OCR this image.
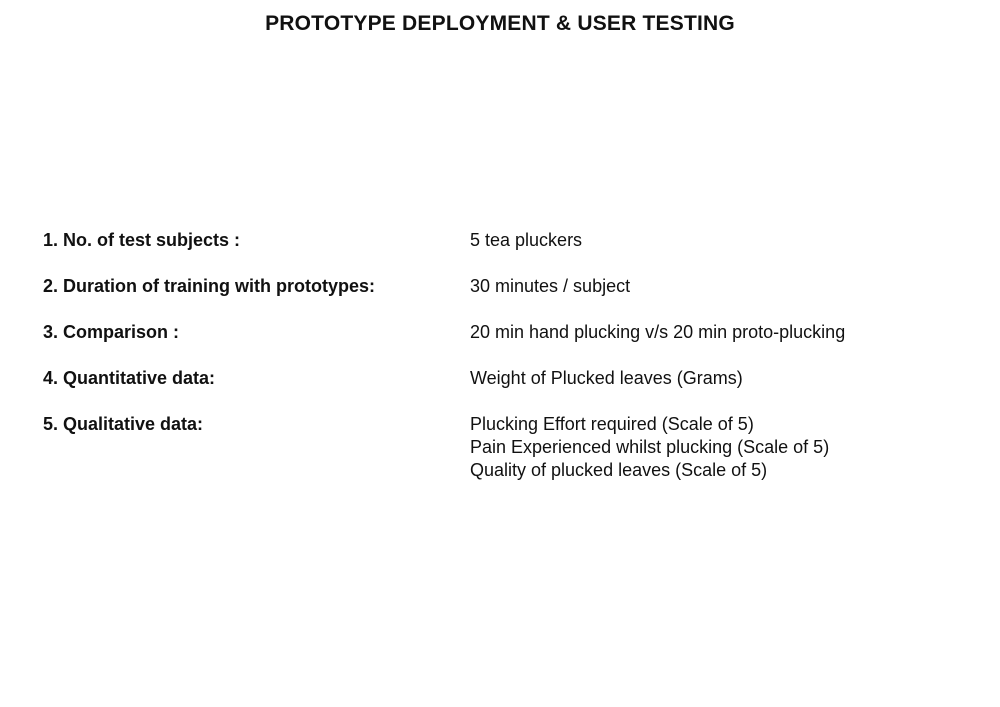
PROTOTYPE DEPLOYMENT & USER TESTING
1. No. of test subjects :	5 tea pluckers
2. Duration of training with prototypes:	30 minutes / subject
3. Comparison :	20 min hand plucking v/s 20 min proto-plucking
4. Quantitative data:	Weight of Plucked leaves (Grams)
5. Qualitative data:	Plucking Effort required (Scale of 5)
Pain Experienced whilst plucking (Scale of 5)
Quality of plucked leaves (Scale of 5)
